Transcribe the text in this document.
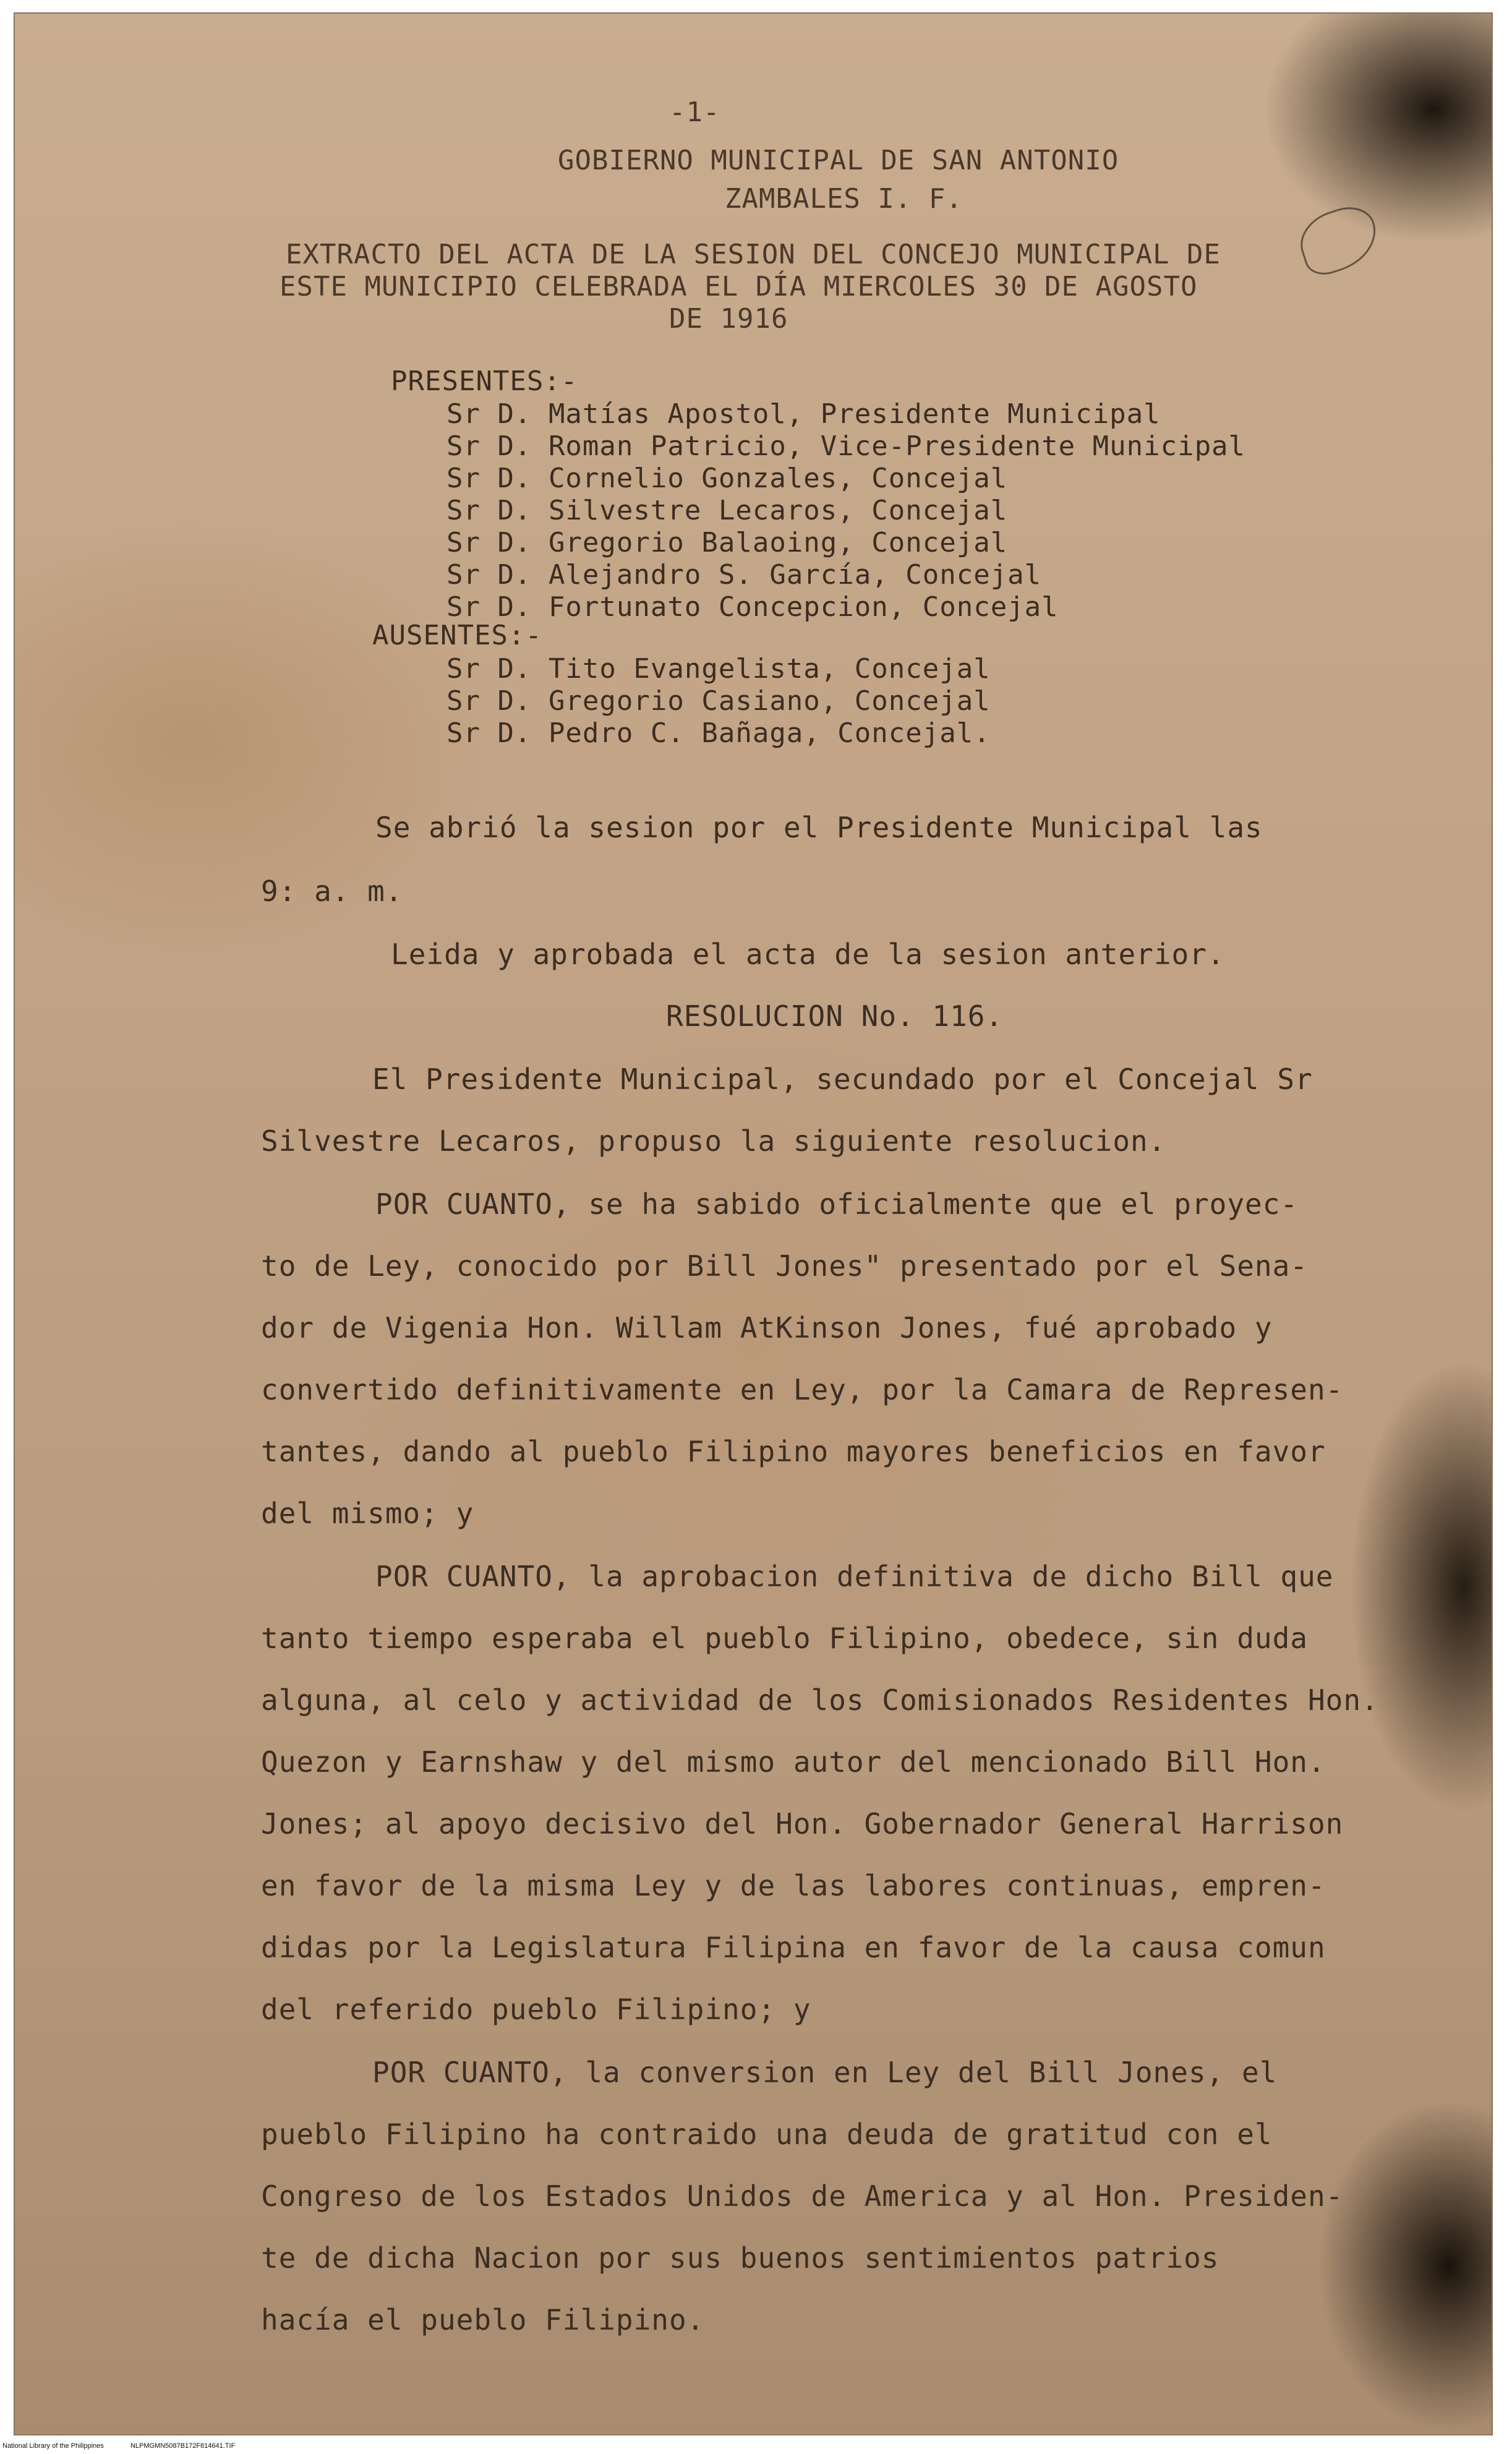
-1-
GOBIERNO MUNICIPAL DE SAN ANTONIO
ZAMBALES I. F.
EXTRACTO DEL ACTA DE LA SESION DEL CONCEJO MUNICIPAL DE
ESTE MUNICIPIO CELEBRADA EL DÍA MIERCOLES 30 DE AGOSTO
DE 1916
PRESENTES:-
Sr D. Matías Apostol, Presidente Municipal
Sr D. Roman Patricio, Vice-Presidente Municipal
Sr D. Cornelio Gonzales, Concejal
Sr D. Silvestre Lecaros, Concejal
Sr D. Gregorio Balaoing, Concejal
Sr D. Alejandro S. García, Concejal
Sr D. Fortunato Concepcion, Concejal
AUSENTES:-
Sr D. Tito Evangelista, Concejal
Sr D. Gregorio Casiano, Concejal
Sr D. Pedro C. Bañaga, Concejal.
Se abrió la sesion por el Presidente Municipal las
9: a. m.
Leida y aprobada el acta de la sesion anterior.
RESOLUCION No. 116.
El Presidente Municipal, secundado por el Concejal Sr
Silvestre Lecaros, propuso la siguiente resolucion.
POR CUANTO, se ha sabido oficialmente que el proyec-
to de Ley, conocido por Bill Jones" presentado por el Sena-
dor de Vigenia Hon. Willam AtKinson Jones, fué aprobado y
convertido definitivamente en Ley, por la Camara de Represen-
tantes, dando al pueblo Filipino mayores beneficios en favor
del mismo; y
POR CUANTO, la aprobacion definitiva de dicho Bill que
tanto tiempo esperaba el pueblo Filipino, obedece, sin duda
alguna, al celo y actividad de los Comisionados Residentes Hon.
Quezon y Earnshaw y del mismo autor del mencionado Bill Hon.
Jones; al apoyo decisivo del Hon. Gobernador General Harrison
en favor de la misma Ley y de las labores continuas, empren-
didas por la Legislatura Filipina en favor de la causa comun
del referido pueblo Filipino; y
POR CUANTO, la conversion en Ley del Bill Jones, el
pueblo Filipino ha contraido una deuda de gratitud con el
Congreso de los Estados Unidos de America y al Hon. Presiden-
te de dicha Nacion por sus buenos sentimientos patrios
hacía el pueblo Filipino.
National Library of the Philippines	NLPMGMN5087B172F814641.TIF
